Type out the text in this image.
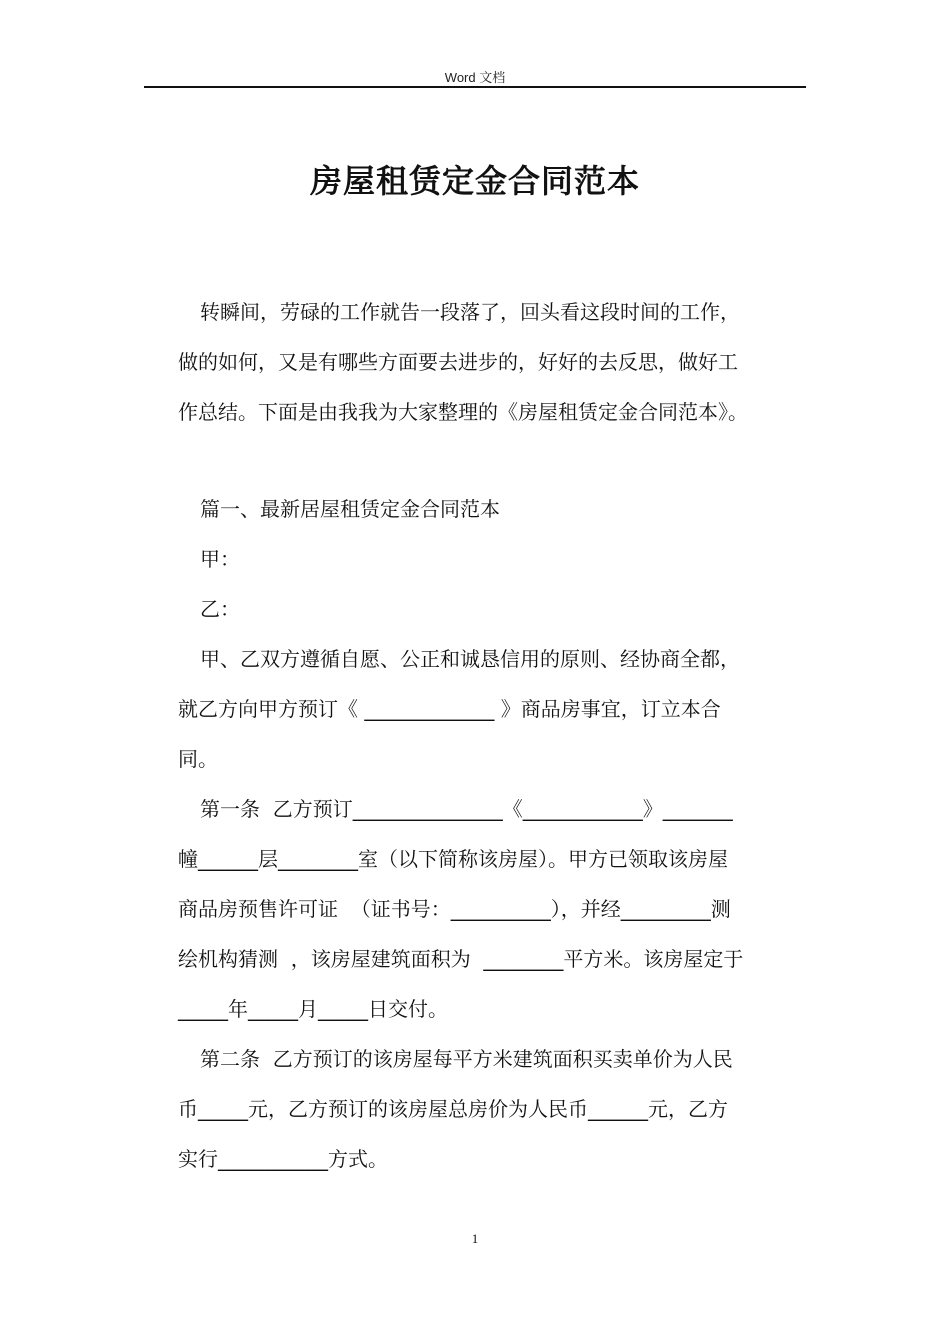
Word 文档
房屋租赁定金合同范本
转瞬间，劳碌的工作就告一段落了，回头看这段时间的工作，
做的如何，又是有哪些方面要去进步的，好好的去反思，做好工
作总结。下面是由我我为大家整理的《房屋租赁定金合同范本》。
篇一、最新居屋租赁定金合同范本
甲：
乙：
甲、乙双方遵循自愿、公正和诚恳信用的原则、经协商全都，
就乙方向甲方预订《 _____________ 》商品房事宜，订立本合
同。
第一条  乙方预订_______________《____________》_______
幢______层________室（以下简称该房屋）。甲方已领取该房屋
商品房预售许可证  （证书号：__________），并经_________测
绘机构猜测  ，该房屋建筑面积为  ________平方米。该房屋定于
_____年_____月_____日交付。
第二条  乙方预订的该房屋每平方米建筑面积买卖单价为人民
币_____元，乙方预订的该房屋总房价为人民币______元，乙方
实行___________方式。
1
